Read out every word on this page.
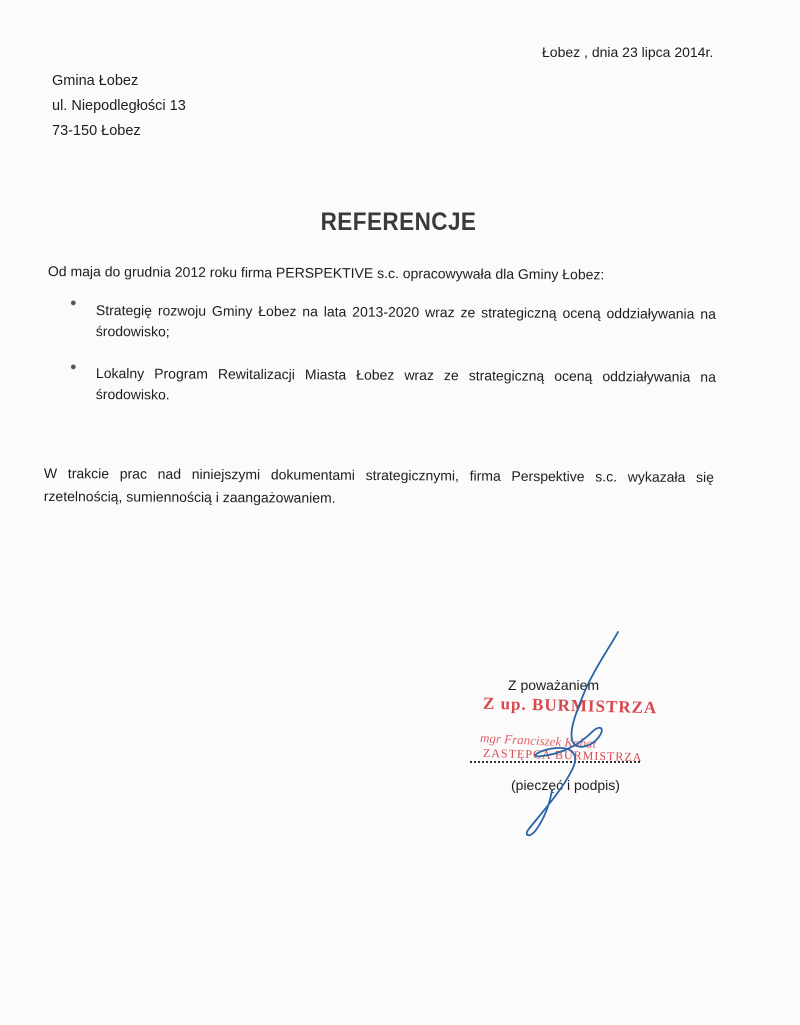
Łobez , dnia 23 lipca 2014r.
Gmina Łobez
ul. Niepodległości 13
73-150 Łobez
REFERENCJE
Od maja do grudnia 2012 roku firma PERSPEKTIVE s.c. opracowywała dla Gminy Łobez:
● Strategię rozwoju Gminy Łobez na lata 2013-2020 wraz ze strategiczną oceną oddziaływania na środowisko;
● Lokalny Program Rewitalizacji Miasta Łobez wraz ze strategiczną oceną oddziaływania na środowisko.
W trakcie prac nad niniejszymi dokumentami strategicznymi, firma Perspektive s.c. wykazała się rzetelnością, sumiennością i zaangażowaniem.
Z poważaniem
Z up. BURMISTRZA
mgr Franciszek Kobat
ZASTĘPCA BURMISTRZA
(pieczęć i podpis)
